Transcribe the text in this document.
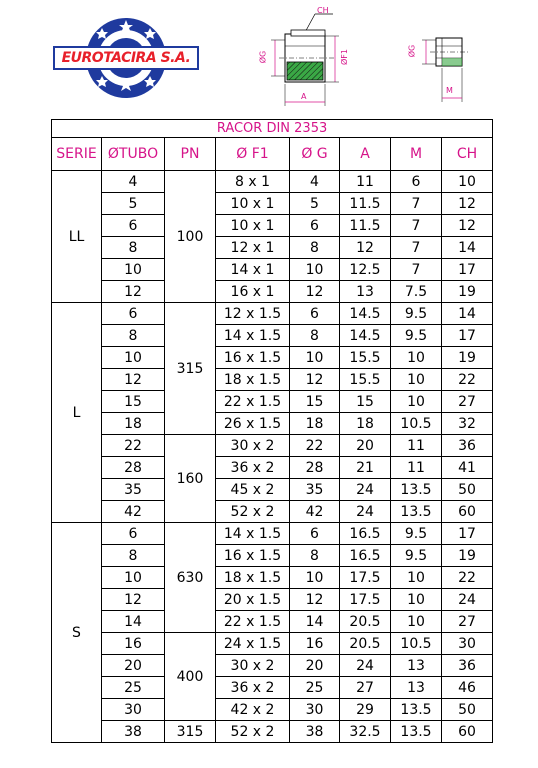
EUROTACIRA S.A.
CH
ØG	ØF1
A
ØG
M
RACOR DIN 2353							
SERIE	ØTUBO	PN	Ø F1	Ø G	A	M	CH
LL	4	100	8 x 1	4	11	6	10
	5		10 x 1	5	11.5	7	12
	6		10 x 1	6	11.5	7	12
	8		12 x 1	8	12	7	14
	10		14 x 1	10	12.5	7	17
	12		16 x 1	12	13	7.5	19
L	6	315	12 x 1.5	6	14.5	9.5	14
	8		14 x 1.5	8	14.5	9.5	17
	10		16 x 1.5	10	15.5	10	19
	12		18 x 1.5	12	15.5	10	22
	15		22 x 1.5	15	15	10	27
	18		26 x 1.5	18	18	10.5	32
	22	160	30 x 2	22	20	11	36
	28		36 x 2	28	21	11	41
	35		45 x 2	35	24	13.5	50
	42		52 x 2	42	24	13.5	60
S	6	630	14 x 1.5	6	16.5	9.5	17
	8		16 x 1.5	8	16.5	9.5	19
	10		18 x 1.5	10	17.5	10	22
	12		20 x 1.5	12	17.5	10	24
	14		22 x 1.5	14	20.5	10	27
	16	400	24 x 1.5	16	20.5	10.5	30
	20		30 x 2	20	24	13	36
	25		36 x 2	25	27	13	46
	30		42 x 2	30	29	13.5	50
	38	315	52 x 2	38	32.5	13.5	60
